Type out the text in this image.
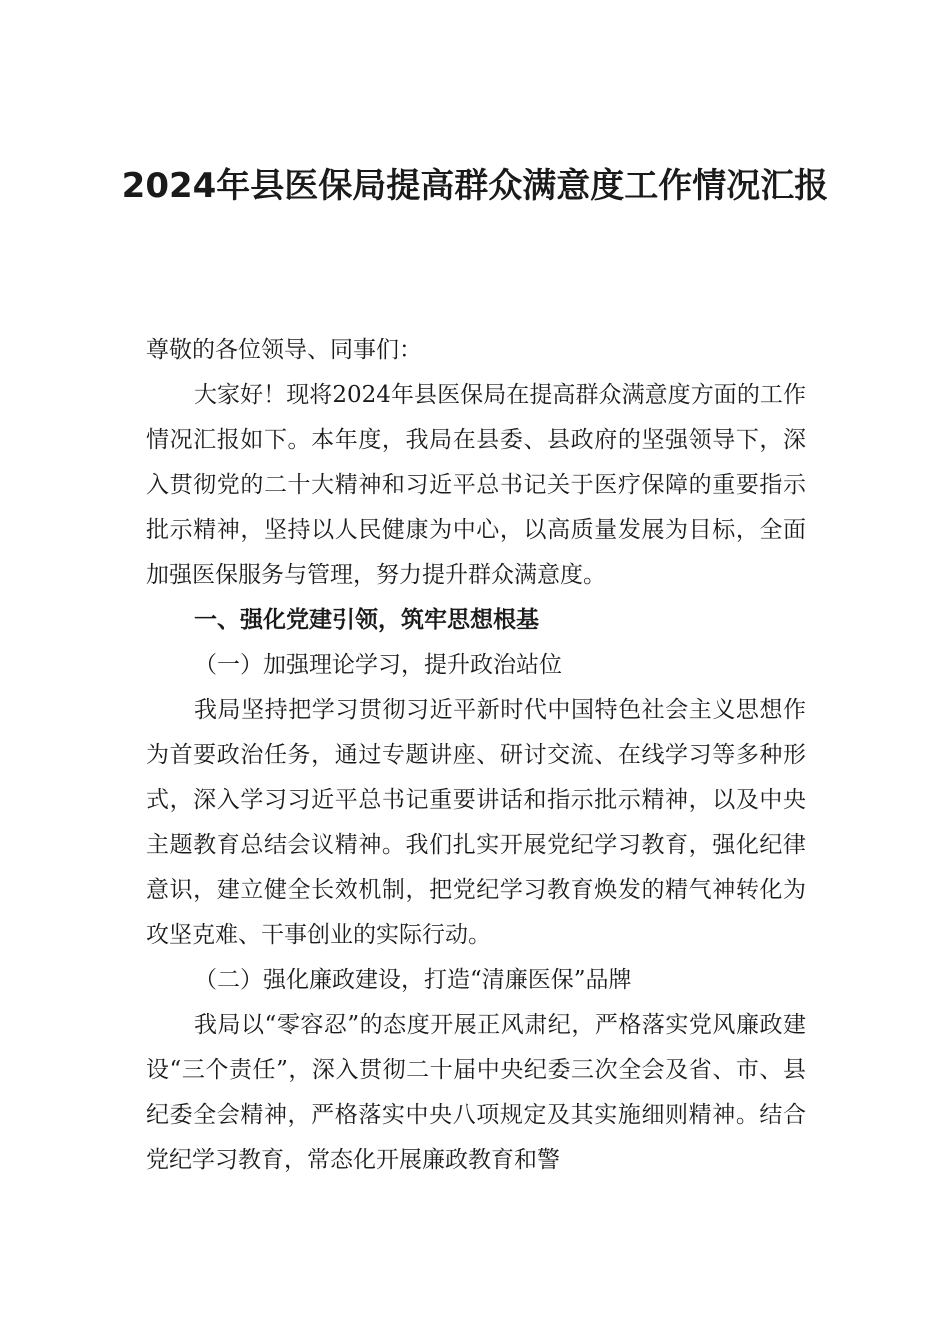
2024年县医保局提高群众满意度工作情况汇报

尊敬的各位领导、同事们：

大家好！现将2024年县医保局在提高群众满意度方面的工作情况汇报如下。本年度，我局在县委、县政府的坚强领导下，深入贯彻党的二十大精神和习近平总书记关于医疗保障的重要指示批示精神，坚持以人民健康为中心，以高质量发展为目标，全面加强医保服务与管理，努力提升群众满意度。

一、强化党建引领，筑牢思想根基

（一）加强理论学习，提升政治站位

我局坚持把学习贯彻习近平新时代中国特色社会主义思想作为首要政治任务，通过专题讲座、研讨交流、在线学习等多种形式，深入学习习近平总书记重要讲话和指示批示精神，以及中央主题教育总结会议精神。我们扎实开展党纪学习教育，强化纪律意识，建立健全长效机制，把党纪学习教育焕发的精气神转化为攻坚克难、干事创业的实际行动。

（二）强化廉政建设，打造“清廉医保”品牌

我局以“零容忍”的态度开展正风肃纪，严格落实党风廉政建设“三个责任”，深入贯彻二十届中央纪委三次全会及省、市、县纪委全会精神，严格落实中央八项规定及其实施细则精神。结合党纪学习教育，常态化开展廉政教育和警
